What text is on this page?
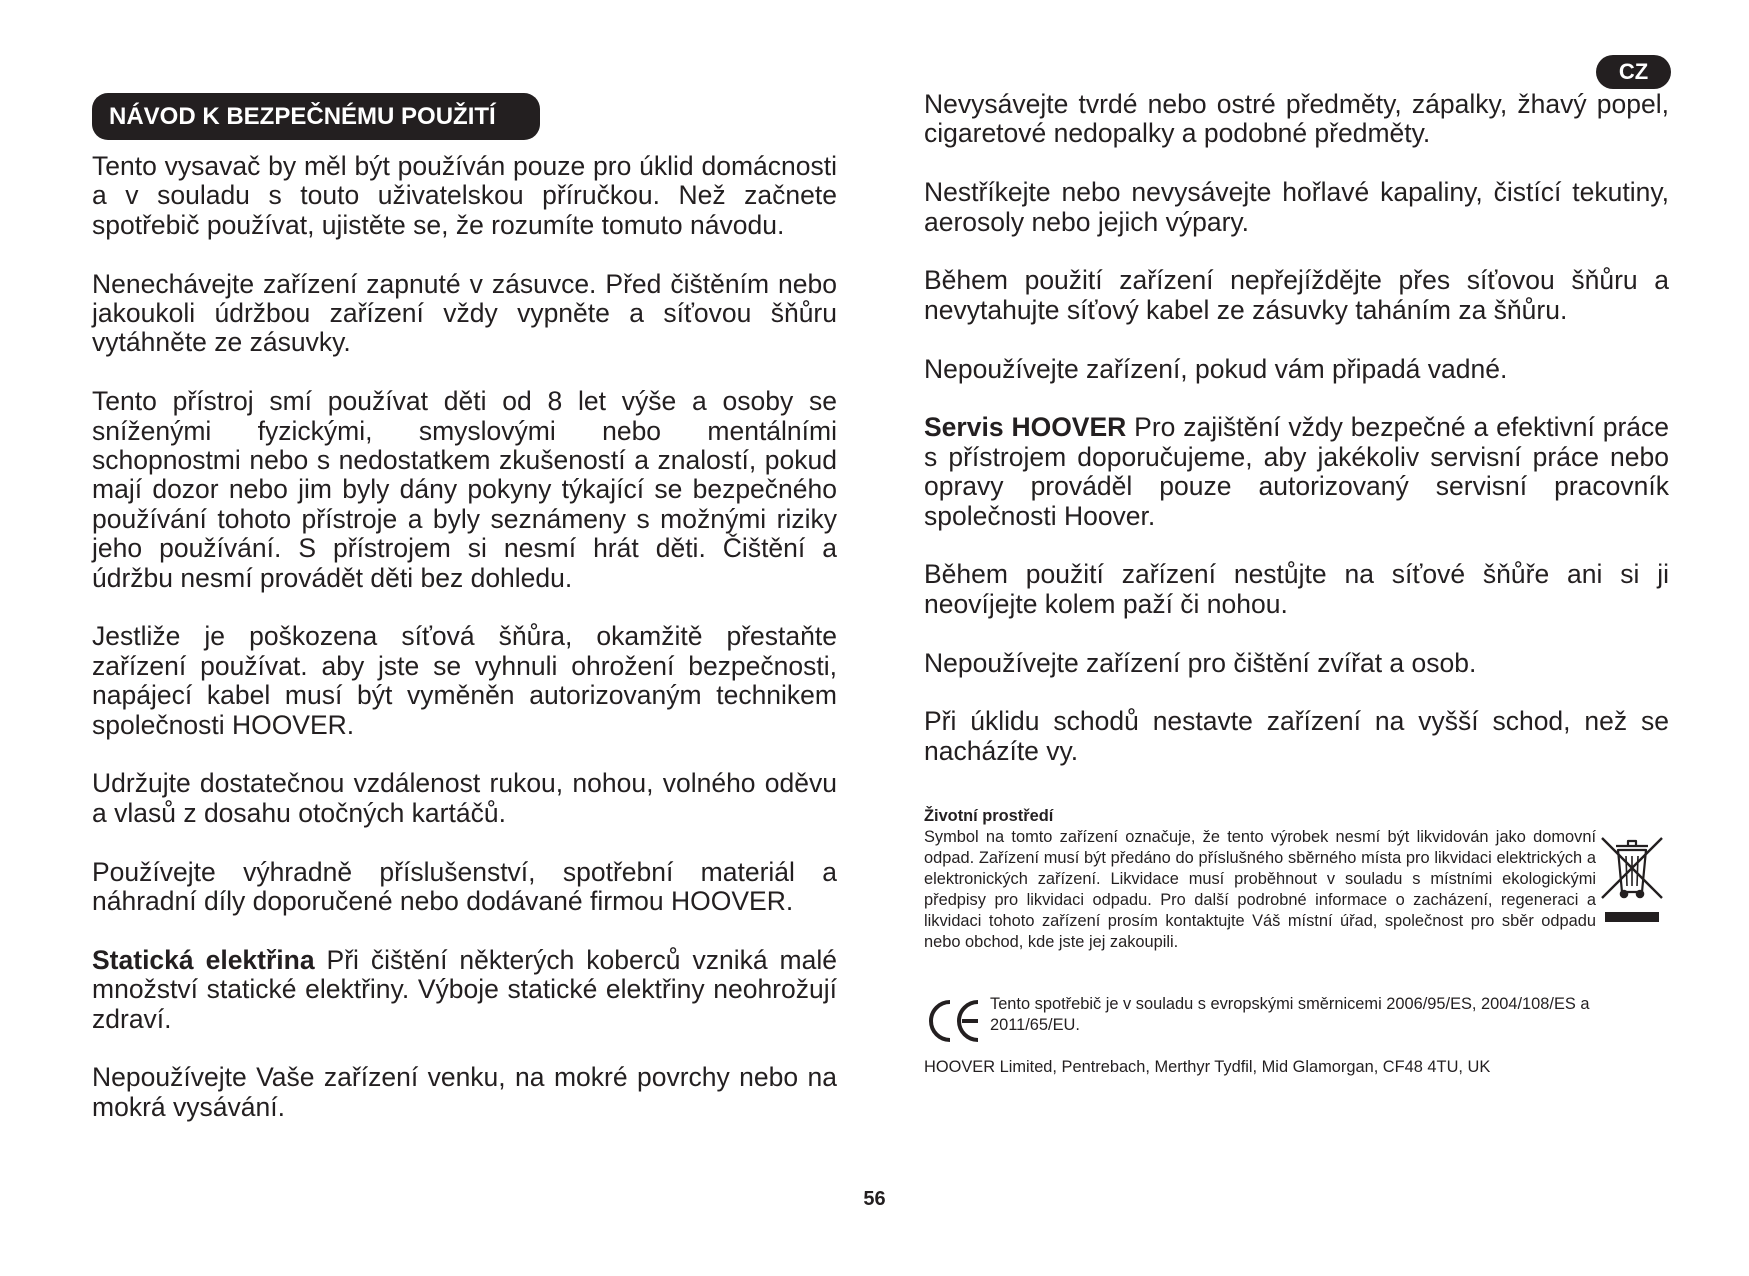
CZ
NÁVOD K BEZPEČNÉMU POUŽITÍ

Tento vysavač by měl být používán pouze pro úklid domácnosti a v souladu s touto uživatelskou příručkou. Než začnete spotřebič používat, ujistěte se, že rozumíte tomuto návodu.

Nenechávejte zařízení zapnuté v zásuvce. Před čištěním nebo jakoukoli údržbou zařízení vždy vypněte a síťovou šňůru vytáhněte ze zásuvky.

Tento přístroj smí používat děti od 8 let výše a osoby se sníženými fyzickými, smyslovými nebo mentálními schopnostmi nebo s nedostatkem zkušeností a znalostí, pokud mají dozor nebo jim byly dány pokyny týkající se bezpečného používání tohoto přístroje a byly seznámeny s možnými riziky jeho používání. S přístrojem si nesmí hrát děti. Čištění a údržbu nesmí provádět děti bez dohledu.

Jestliže je poškozena síťová šňůra, okamžitě přestaňte zařízení používat. aby jste se vyhnuli ohrožení bezpečnosti, napájecí kabel musí být vyměněn autorizovaným technikem společnosti HOOVER.

Udržujte dostatečnou vzdálenost rukou, nohou, volného oděvu a vlasů z dosahu otočných kartáčů.

Používejte výhradně příslušenství, spotřební materiál a náhradní díly doporučené nebo dodávané firmou HOOVER.

Statická elektřina Při čištění některých koberců vzniká malé množství statické elektřiny. Výboje statické elektřiny neohrožují zdraví.

Nepoužívejte Vaše zařízení venku, na mokré povrchy nebo na mokrá vysávání.

Nevysávejte tvrdé nebo ostré předměty, zápalky, žhavý popel, cigaretové nedopalky a podobné předměty.

Nestříkejte nebo nevysávejte hořlavé kapaliny, čistící tekutiny, aerosoly nebo jejich výpary.

Během použití zařízení nepřejíždějte přes síťovou šňůru a nevytahujte síťový kabel ze zásuvky taháním za šňůru.

Nepoužívejte zařízení, pokud vám připadá vadné.

Servis HOOVER Pro zajištění vždy bezpečné a efektivní práce s přístrojem doporučujeme, aby jakékoliv servisní práce nebo opravy prováděl pouze autorizovaný servisní pracovník společnosti Hoover.

Během použití zařízení nestůjte na síťové šňůře ani si ji neovíjejte kolem paží či nohou.

Nepoužívejte zařízení pro čištění zvířat a osob.

Při úklidu schodů nestavte zařízení na vyšší schod, než se nacházíte vy.

Životní prostředí

Symbol na tomto zařízení označuje, že tento výrobek nesmí být likvidován jako domovní odpad. Zařízení musí být předáno do příslušného sběrného místa pro likvidaci elektrických a elektronických zařízení. Likvidace musí proběhnout v souladu s místními ekologickými předpisy pro likvidaci odpadu. Pro další podrobné informace o zacházení, regeneraci a likvidaci tohoto zařízení prosím kontaktujte Váš místní úřad, společnost pro sběr odpadu nebo obchod, kde jste jej zakoupili.

Tento spotřebič je v souladu s evropskými směrnicemi 2006/95/ES, 2004/108/ES a 2011/65/EU.
HOOVER Limited, Pentrebach, Merthyr Tydfil, Mid Glamorgan, CF48 4TU, UK
56
